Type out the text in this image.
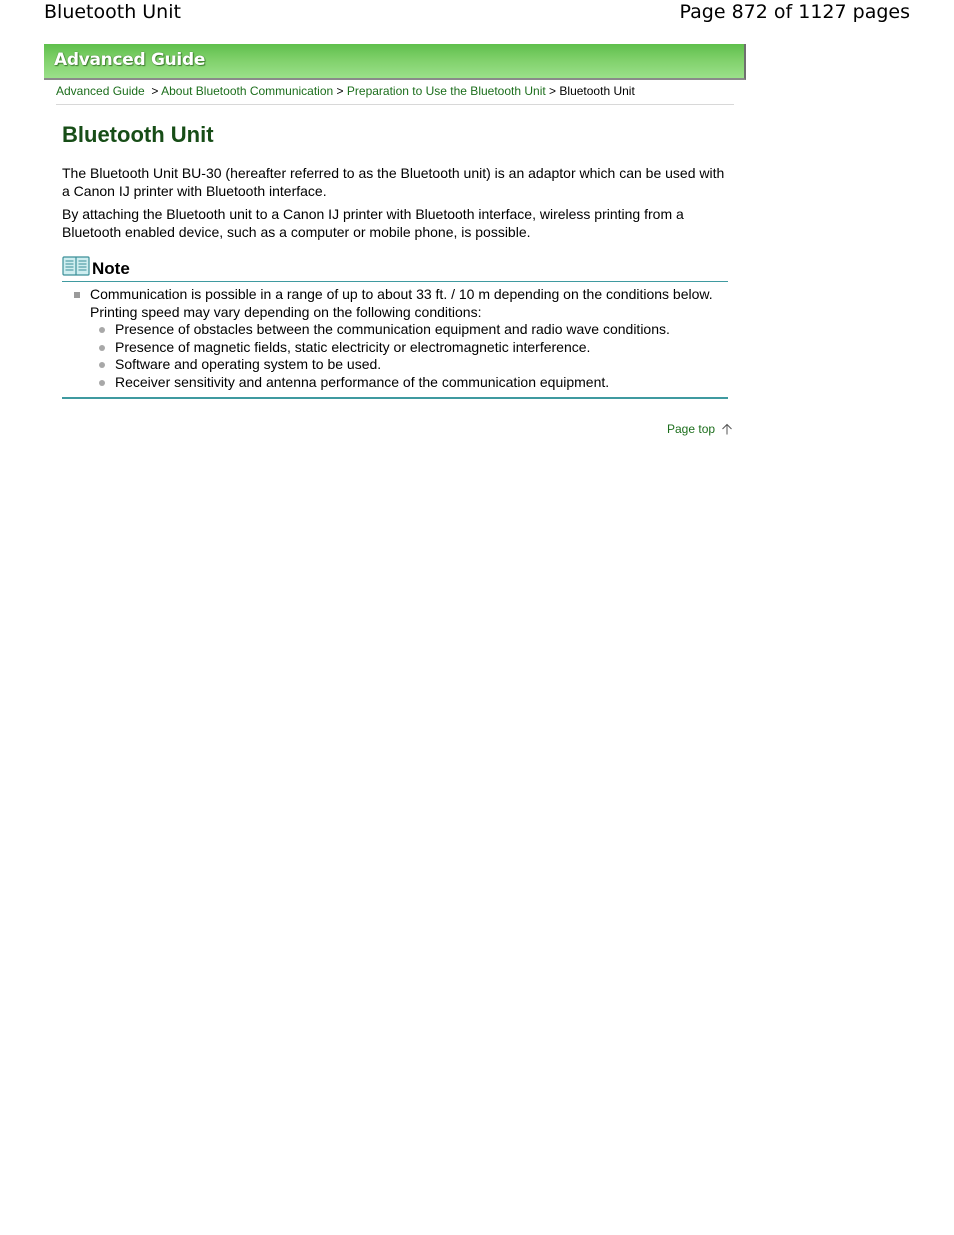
Bluetooth Unit	Page 872 of 1127 pages
Advanced Guide
Advanced Guide > About Bluetooth Communication > Preparation to Use the Bluetooth Unit > Bluetooth Unit
Bluetooth Unit

The Bluetooth Unit BU-30 (hereafter referred to as the Bluetooth unit) is an adaptor which can be used with a Canon IJ printer with Bluetooth interface.

By attaching the Bluetooth unit to a Canon IJ printer with Bluetooth interface, wireless printing from a Bluetooth enabled device, such as a computer or mobile phone, is possible.

Note
Communication is possible in a range of up to about 33 ft. / 10 m depending on the conditions below. Printing speed may vary depending on the following conditions:
Presence of obstacles between the communication equipment and radio wave conditions.
Presence of magnetic fields, static electricity or electromagnetic interference.
Software and operating system to be used.
Receiver sensitivity and antenna performance of the communication equipment.
Page top
